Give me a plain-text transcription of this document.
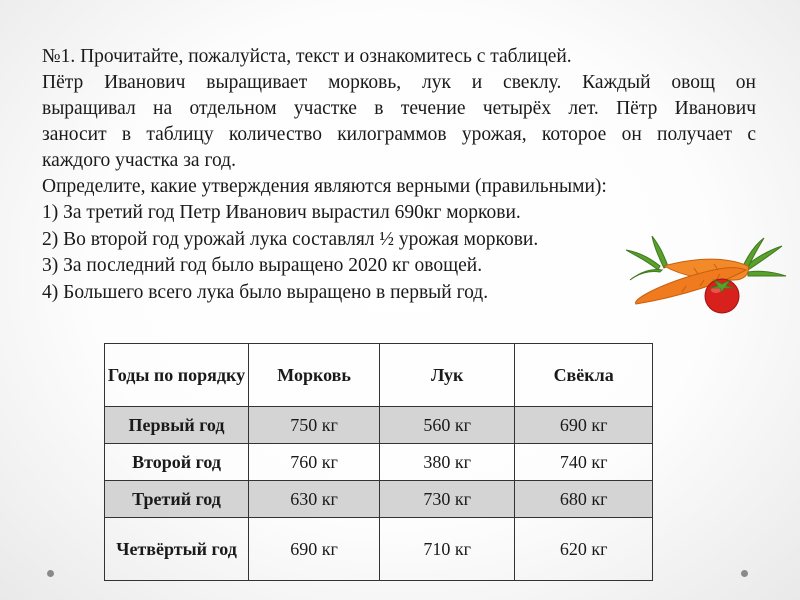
№1. Прочитайте, пожалуйста, текст и ознакомитесь с таблицей.

Пётр Иванович выращивает морковь, лук и свеклу. Каждый овощ он

выращивал на отдельном участке в течение четырёх лет. Пётр Иванович

заносит в таблицу количество килограммов урожая, которое он получает с

каждого участка за год.

Определите, какие утверждения являются верными (правильными):

1) За третий год Петр Иванович вырастил 690кг моркови.

2) Во второй год урожай лука составлял ½ урожая моркови.

3) За последний год было выращено 2020 кг овощей.

4) Большего всего лука было выращено в первый год.

Годы по порядку	Морковь	Лук	Свёкла
Первый год	750 кг	560 кг	690 кг
Второй год	760 кг	380 кг	740 кг
Третий год	630 кг	730 кг	680 кг
Четвёртый год	690 кг	710 кг	620 кг
